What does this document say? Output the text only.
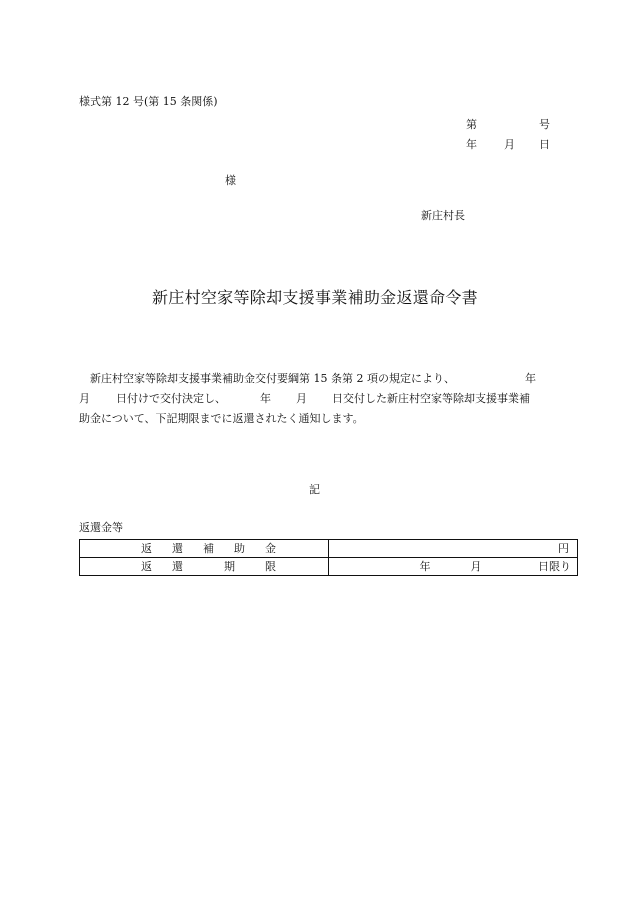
様式第 12 号(第 15 条関係)
第	号
年 月 日
様
新庄村長
新庄村空家等除却支援事業補助金返還命令書
新庄村空家等除却支援事業補助金交付要綱第 15 条第 2 項の規定により、	年
月 日付けで交付決定し、	年 月 日交付した新庄村空家等除却支援事業補
助金について、下記期限までに返還されたく通知します。
記
返還金等
返 還 補 助 金	円

返 還 期 限	年 月 日限り
